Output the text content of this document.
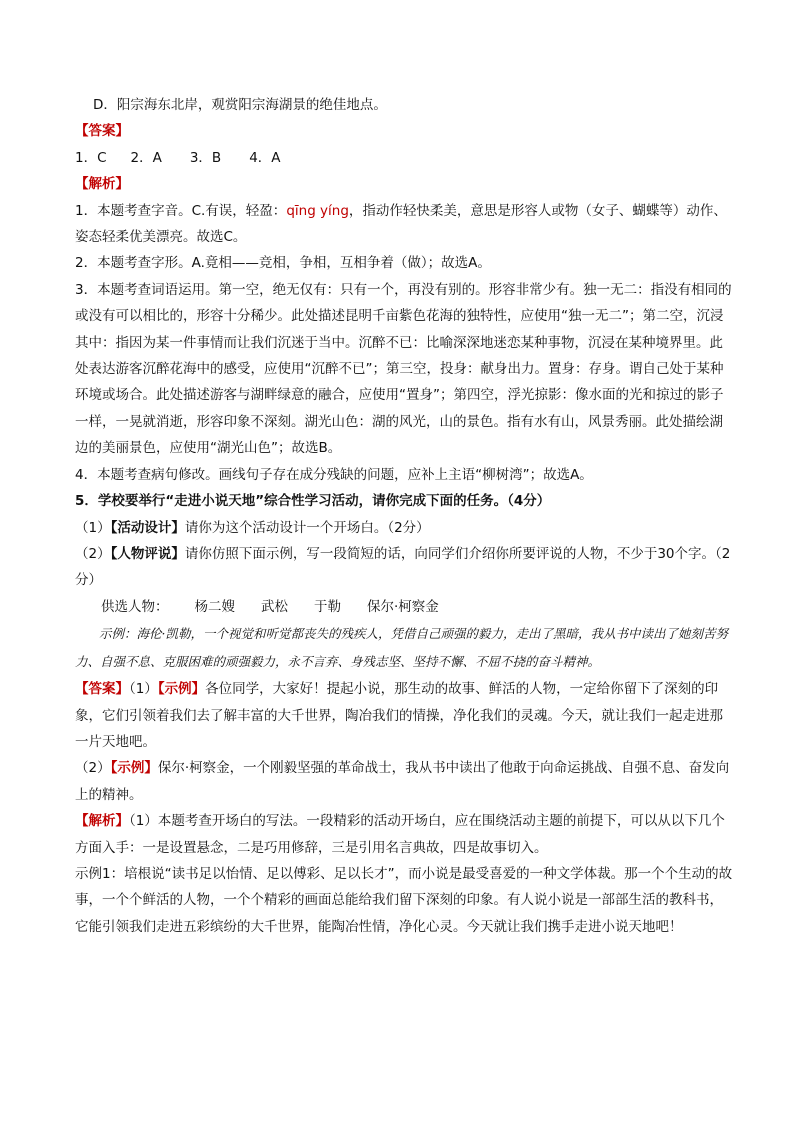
D．阳宗海东北岸，观赏阳宗海湖景的绝佳地点。

【答案】

1．C 2．A 3．B 4．A

【解析】

1．本题考查字音。C.有误，轻盈：qīng yíng，指动作轻快柔美，意思是形容人或物（女子、蝴蝶等）动作、姿态轻柔优美漂亮。故选C。

2．本题考查字形。A.竟相——竞相，争相，互相争着（做）；故选A。

3．本题考查词语运用。第一空，绝无仅有：只有一个，再没有别的。形容非常少有。独一无二：指没有相同的或没有可以相比的，形容十分稀少。此处描述昆明千亩紫色花海的独特性，应使用“独一无二”；第二空，沉浸其中：指因为某一件事情而让我们沉迷于当中。沉醉不已：比喻深深地迷恋某种事物，沉浸在某种境界里。此处表达游客沉醉花海中的感受，应使用“沉醉不已”；第三空，投身：献身出力。置身：存身。谓自己处于某种环境或场合。此处描述游客与湖畔绿意的融合，应使用“置身”；第四空，浮光掠影：像水面的光和掠过的影子一样，一晃就消逝，形容印象不深刻。湖光山色：湖的风光，山的景色。指有水有山，风景秀丽。此处描绘湖边的美丽景色，应使用“湖光山色”；故选B。

4．本题考查病句修改。画线句子存在成分残缺的问题，应补上主语“柳树湾”；故选A。

5．学校要举行“走进小说天地”综合性学习活动，请你完成下面的任务。（4分）

（1）【活动设计】请你为这个活动设计一个开场白。（2分）

（2）【人物评说】请你仿照下面示例，写一段简短的话，向同学们介绍你所要评说的人物，不少于30个字。（2分）

供选人物： 杨二嫂 武松 于勒 保尔·柯察金

示例：海伦·凯勒，一个视觉和听觉都丧失的残疾人，凭借自己顽强的毅力，走出了黑暗，我从书中读出了她刻苦努力、自强不息、克服困难的顽强毅力，永不言弃、身残志坚、坚持不懈、不屈不挠的奋斗精神。

【答案】（1）【示例】各位同学，大家好！提起小说，那生动的故事、鲜活的人物，一定给你留下了深刻的印象，它们引领着我们去了解丰富的大千世界，陶冶我们的情操，净化我们的灵魂。今天，就让我们一起走进那一片天地吧。

（2）【示例】保尔·柯察金，一个刚毅坚强的革命战士，我从书中读出了他敢于向命运挑战、自强不息、奋发向上的精神。

【解析】（1）本题考查开场白的写法。一段精彩的活动开场白，应在围绕活动主题的前提下，可以从以下几个方面入手：一是设置悬念，二是巧用修辞，三是引用名言典故，四是故事切入。

示例1：培根说“读书足以怡情、足以傅彩、足以长才”，而小说是最受喜爱的一种文学体裁。那一个个生动的故事，一个个鲜活的人物，一个个精彩的画面总能给我们留下深刻的印象。有人说小说是一部部生活的教科书，它能引领我们走进五彩缤纷的大千世界，能陶冶性情，净化心灵。今天就让我们携手走进小说天地吧！
